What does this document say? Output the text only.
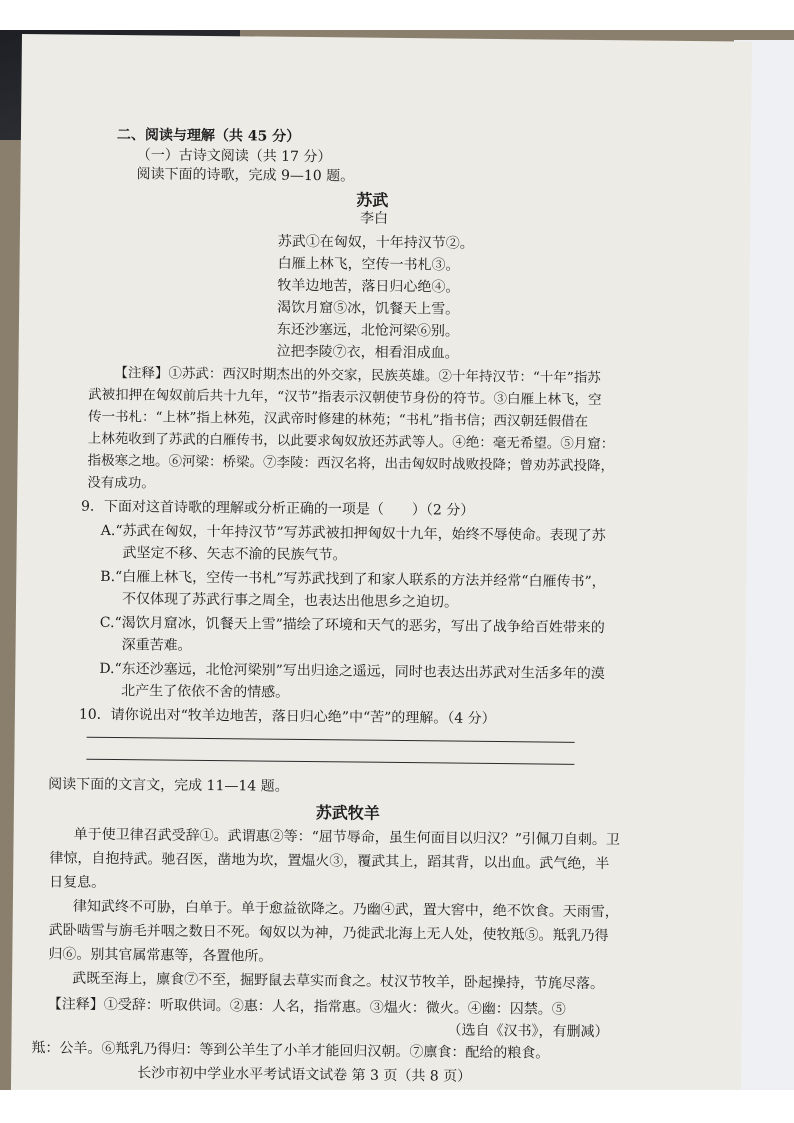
二、阅读与理解（共 45 分）
（一）古诗文阅读（共 17 分）
阅读下面的诗歌，完成 9—10 题。
苏武
李白
苏武①在匈奴，十年持汉节②。
白雁上林飞，空传一书札③。
牧羊边地苦，落日归心绝④。
渴饮月窟⑤冰，饥餐天上雪。
东还沙塞远，北怆河梁⑥别。
泣把李陵⑦衣，相看泪成血。
【注释】①苏武：西汉时期杰出的外交家，民族英雄。②十年持汉节：“十年”指苏
武被扣押在匈奴前后共十九年，“汉节”指表示汉朝使节身份的符节。③白雁上林飞，空
传一书札：“上林”指上林苑，汉武帝时修建的林苑；“书札”指书信；西汉朝廷假借在
上林苑收到了苏武的白雁传书，以此要求匈奴放还苏武等人。④绝：毫无希望。⑤月窟：
指极寒之地。⑥河梁：桥梁。⑦李陵：西汉名将，出击匈奴时战败投降；曾劝苏武投降，
没有成功。
9．下面对这首诗歌的理解或分析正确的一项是（　　）（2 分）
A.“苏武在匈奴，十年持汉节”写苏武被扣押匈奴十九年，始终不辱使命。表现了苏
武坚定不移、矢志不渝的民族气节。
B.“白雁上林飞，空传一书札”写苏武找到了和家人联系的方法并经常“白雁传书”，
不仅体现了苏武行事之周全，也表达出他思乡之迫切。
C.“渴饮月窟冰，饥餐天上雪”描绘了环境和天气的恶劣，写出了战争给百姓带来的
深重苦难。
D.“东还沙塞远，北怆河梁别”写出归途之遥远，同时也表达出苏武对生活多年的漠
北产生了依依不舍的情感。
10．请你说出对“牧羊边地苦，落日归心绝”中“苦”的理解。（4 分）
阅读下面的文言文，完成 11—14 题。
苏武牧羊
单于使卫律召武受辞①。武谓惠②等：“屈节辱命，虽生何面目以归汉？”引佩刀自刺。卫
律惊，自抱持武。驰召医，凿地为坎，置煴火③，覆武其上，蹈其背，以出血。武气绝，半
日复息。
律知武终不可胁，白单于。单于愈益欲降之。乃幽④武，置大窖中，绝不饮食。天雨雪，
武卧啮雪与旃毛并咽之数日不死。匈奴以为神，乃徙武北海上无人处，使牧羝⑤。羝乳乃得
归⑥。别其官属常惠等，各置他所。
武既至海上，廪食⑦不至，掘野鼠去草实而食之。杖汉节牧羊，卧起操持，节旄尽落。
【注释】①受辞：听取供词。②惠：人名，指常惠。③煴火：微火。④幽：囚禁。⑤
（选自《汉书》，有删减）
羝：公羊。⑥羝乳乃得归：等到公羊生了小羊才能回归汉朝。⑦廪食：配给的粮食。
长沙市初中学业水平考试语文试卷 第 3 页（共 8 页）
